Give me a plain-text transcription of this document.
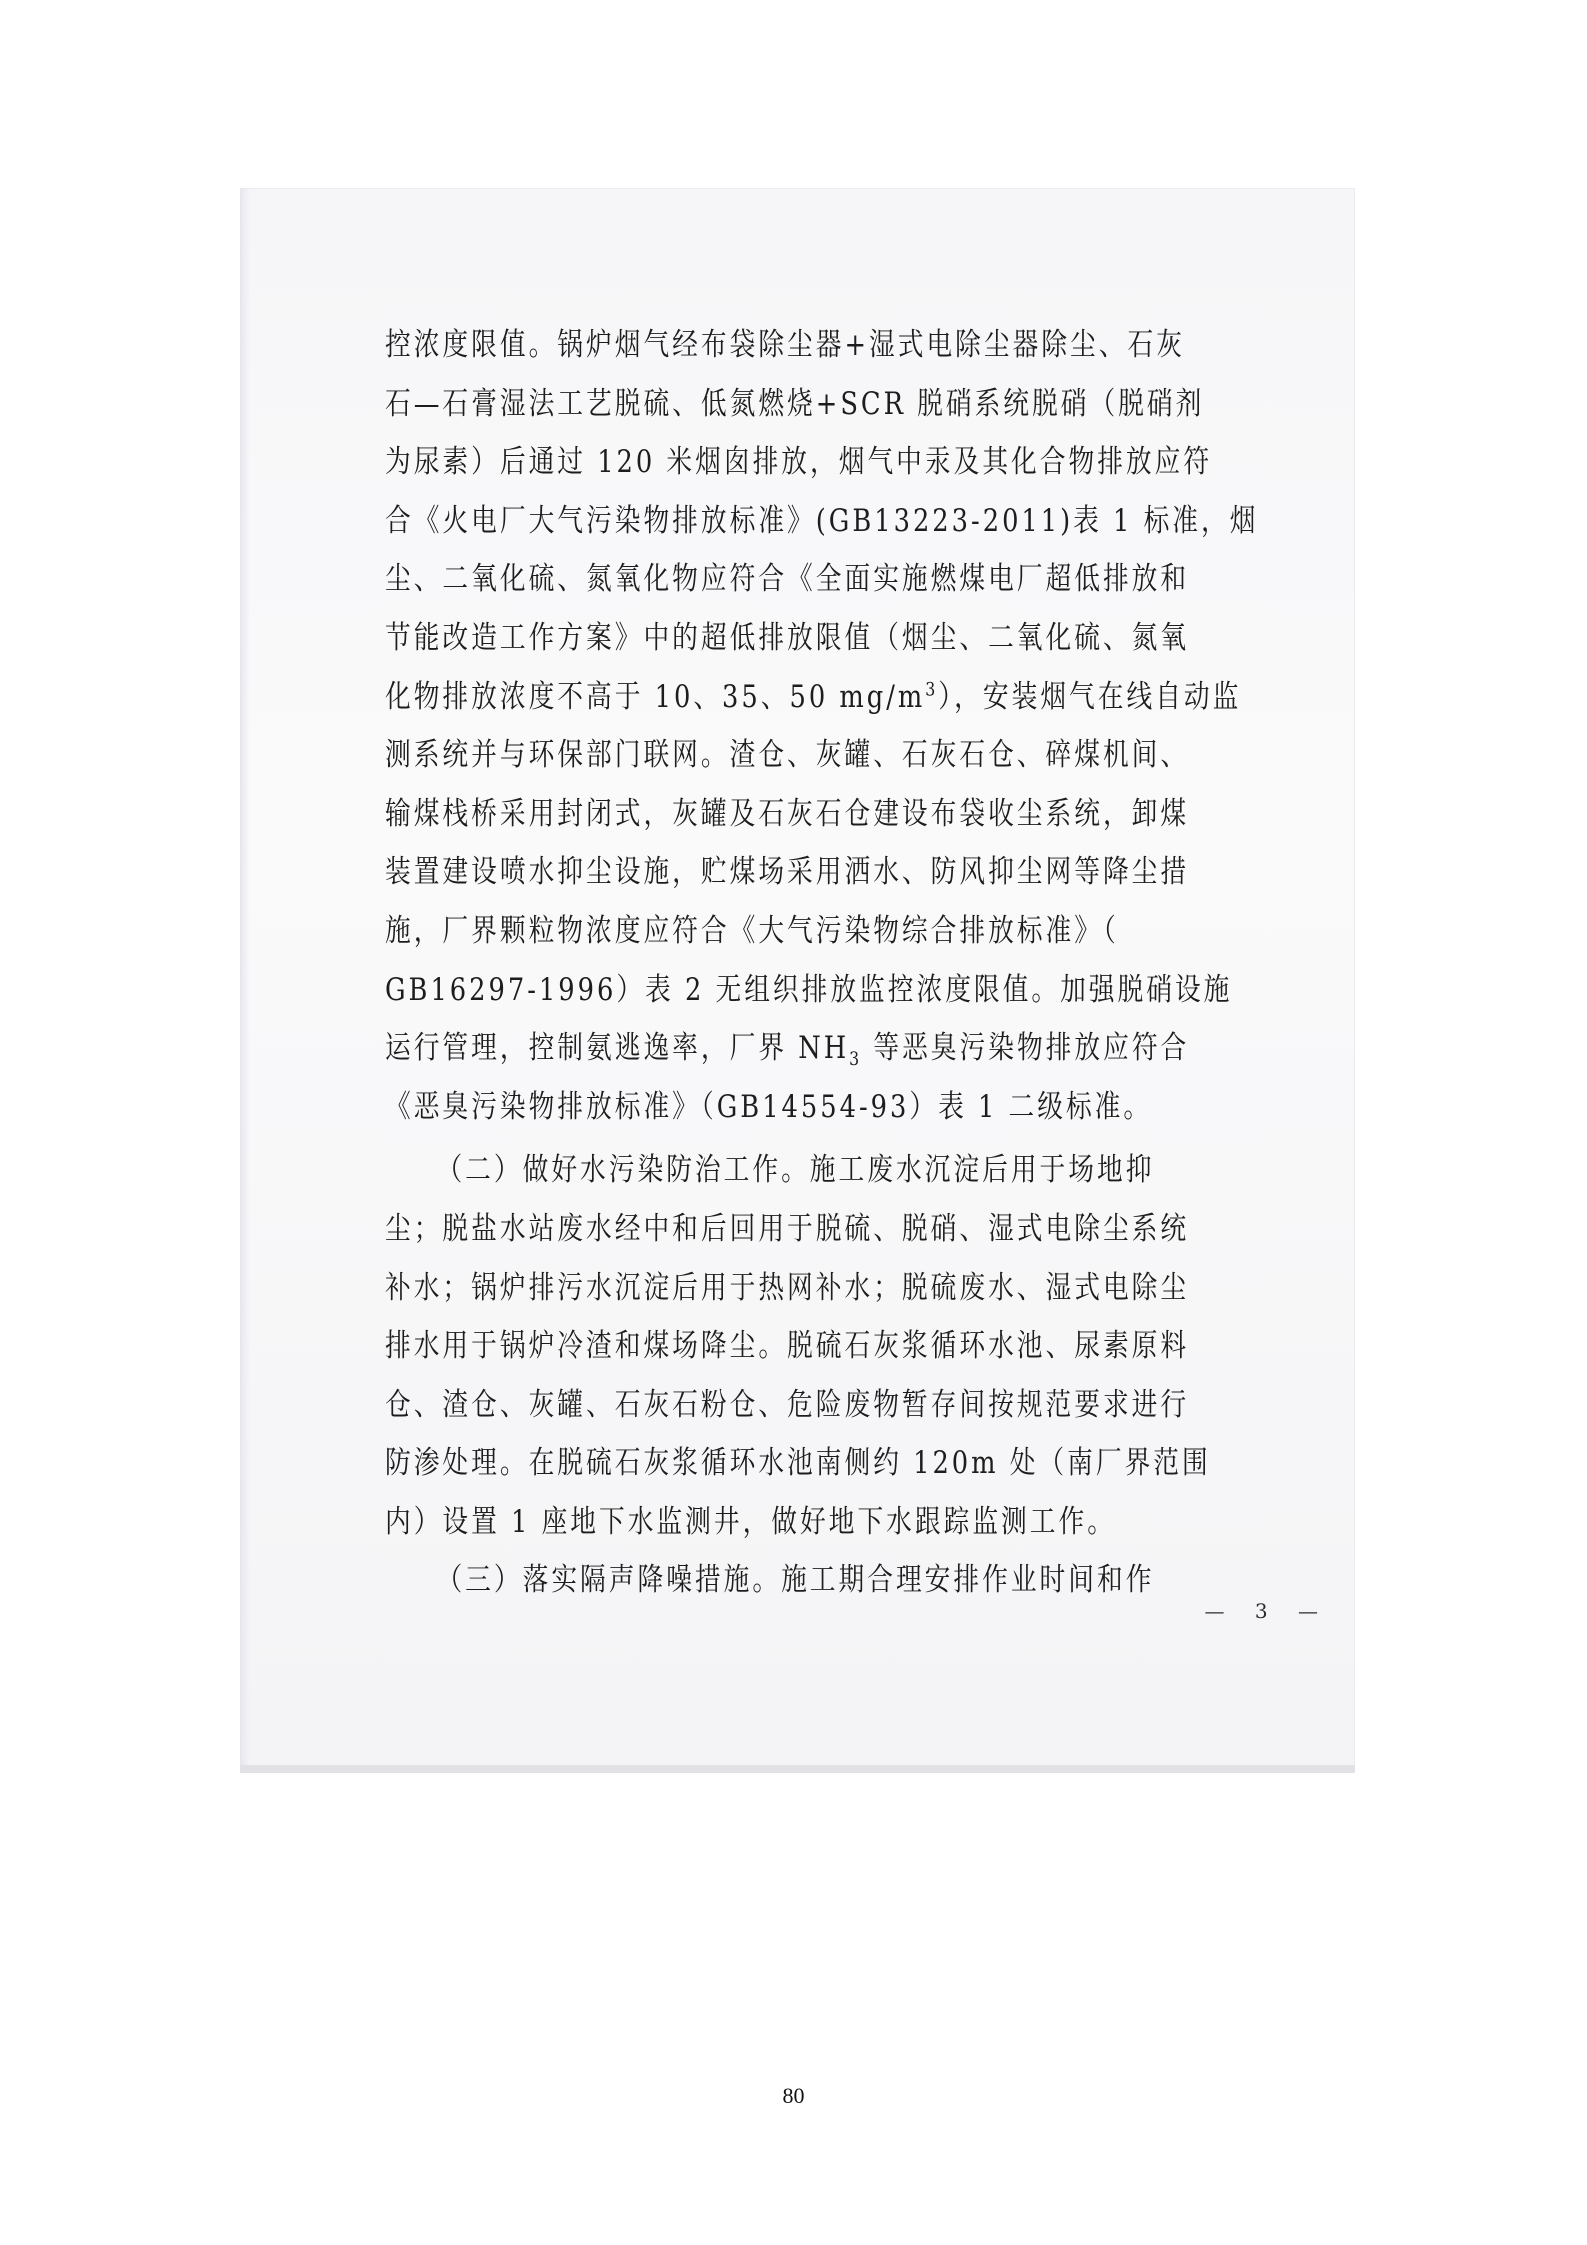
控浓度限值。锅炉烟气经布袋除尘器+湿式电除尘器除尘、石灰
石—石膏湿法工艺脱硫、低氮燃烧+SCR 脱硝系统脱硝（脱硝剂
为尿素）后通过 120 米烟囱排放，烟气中汞及其化合物排放应符
合《火电厂大气污染物排放标准》(GB13223-2011)表 1 标准，烟
尘、二氧化硫、氮氧化物应符合《全面实施燃煤电厂超低排放和
节能改造工作方案》中的超低排放限值（烟尘、二氧化硫、氮氧
化物排放浓度不高于 10、35、50 $mg/m^3$），安装烟气在线自动监
测系统并与环保部门联网。渣仓、灰罐、石灰石仓、碎煤机间、
输煤栈桥采用封闭式，灰罐及石灰石仓建设布袋收尘系统，卸煤
装置建设喷水抑尘设施，贮煤场采用洒水、防风抑尘网等降尘措
施，厂界颗粒物浓度应符合《大气污染物综合排放标准》（
GB16297-1996）表 2 无组织排放监控浓度限值。加强脱硝设施
运行管理，控制氨逃逸率，厂界 $NH_3$ 等恶臭污染物排放应符合
《恶臭污染物排放标准》（GB14554-93）表 1 二级标准。
（二）做好水污染防治工作。施工废水沉淀后用于场地抑
尘；脱盐水站废水经中和后回用于脱硫、脱硝、湿式电除尘系统
补水；锅炉排污水沉淀后用于热网补水；脱硫废水、湿式电除尘
排水用于锅炉冷渣和煤场降尘。脱硫石灰浆循环水池、尿素原料
仓、渣仓、灰罐、石灰石粉仓、危险废物暂存间按规范要求进行
防渗处理。在脱硫石灰浆循环水池南侧约 120m 处（南厂界范围
内）设置 1 座地下水监测井，做好地下水跟踪监测工作。
（三）落实隔声降噪措施。施工期合理安排作业时间和作
— 3 —
80
